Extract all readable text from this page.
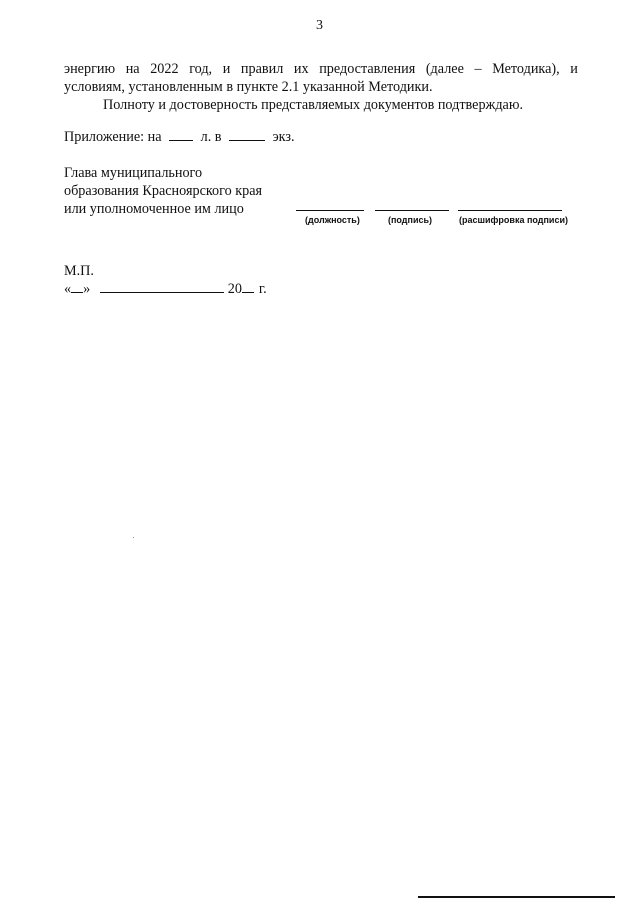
3
энергию на 2022 год, и правил их предоставления (далее – Методика), и
условиям, установленным в пункте 2.1 указанной Методики.
Полноту и достоверность представляемых документов подтверждаю.
Приложение: на	л. в	экз.
Глава муниципального
образования Красноярского края
или уполномоченное им лицо
(должность)	(подпись)	(расшифровка подписи)
М.П.
« »	20 г.
